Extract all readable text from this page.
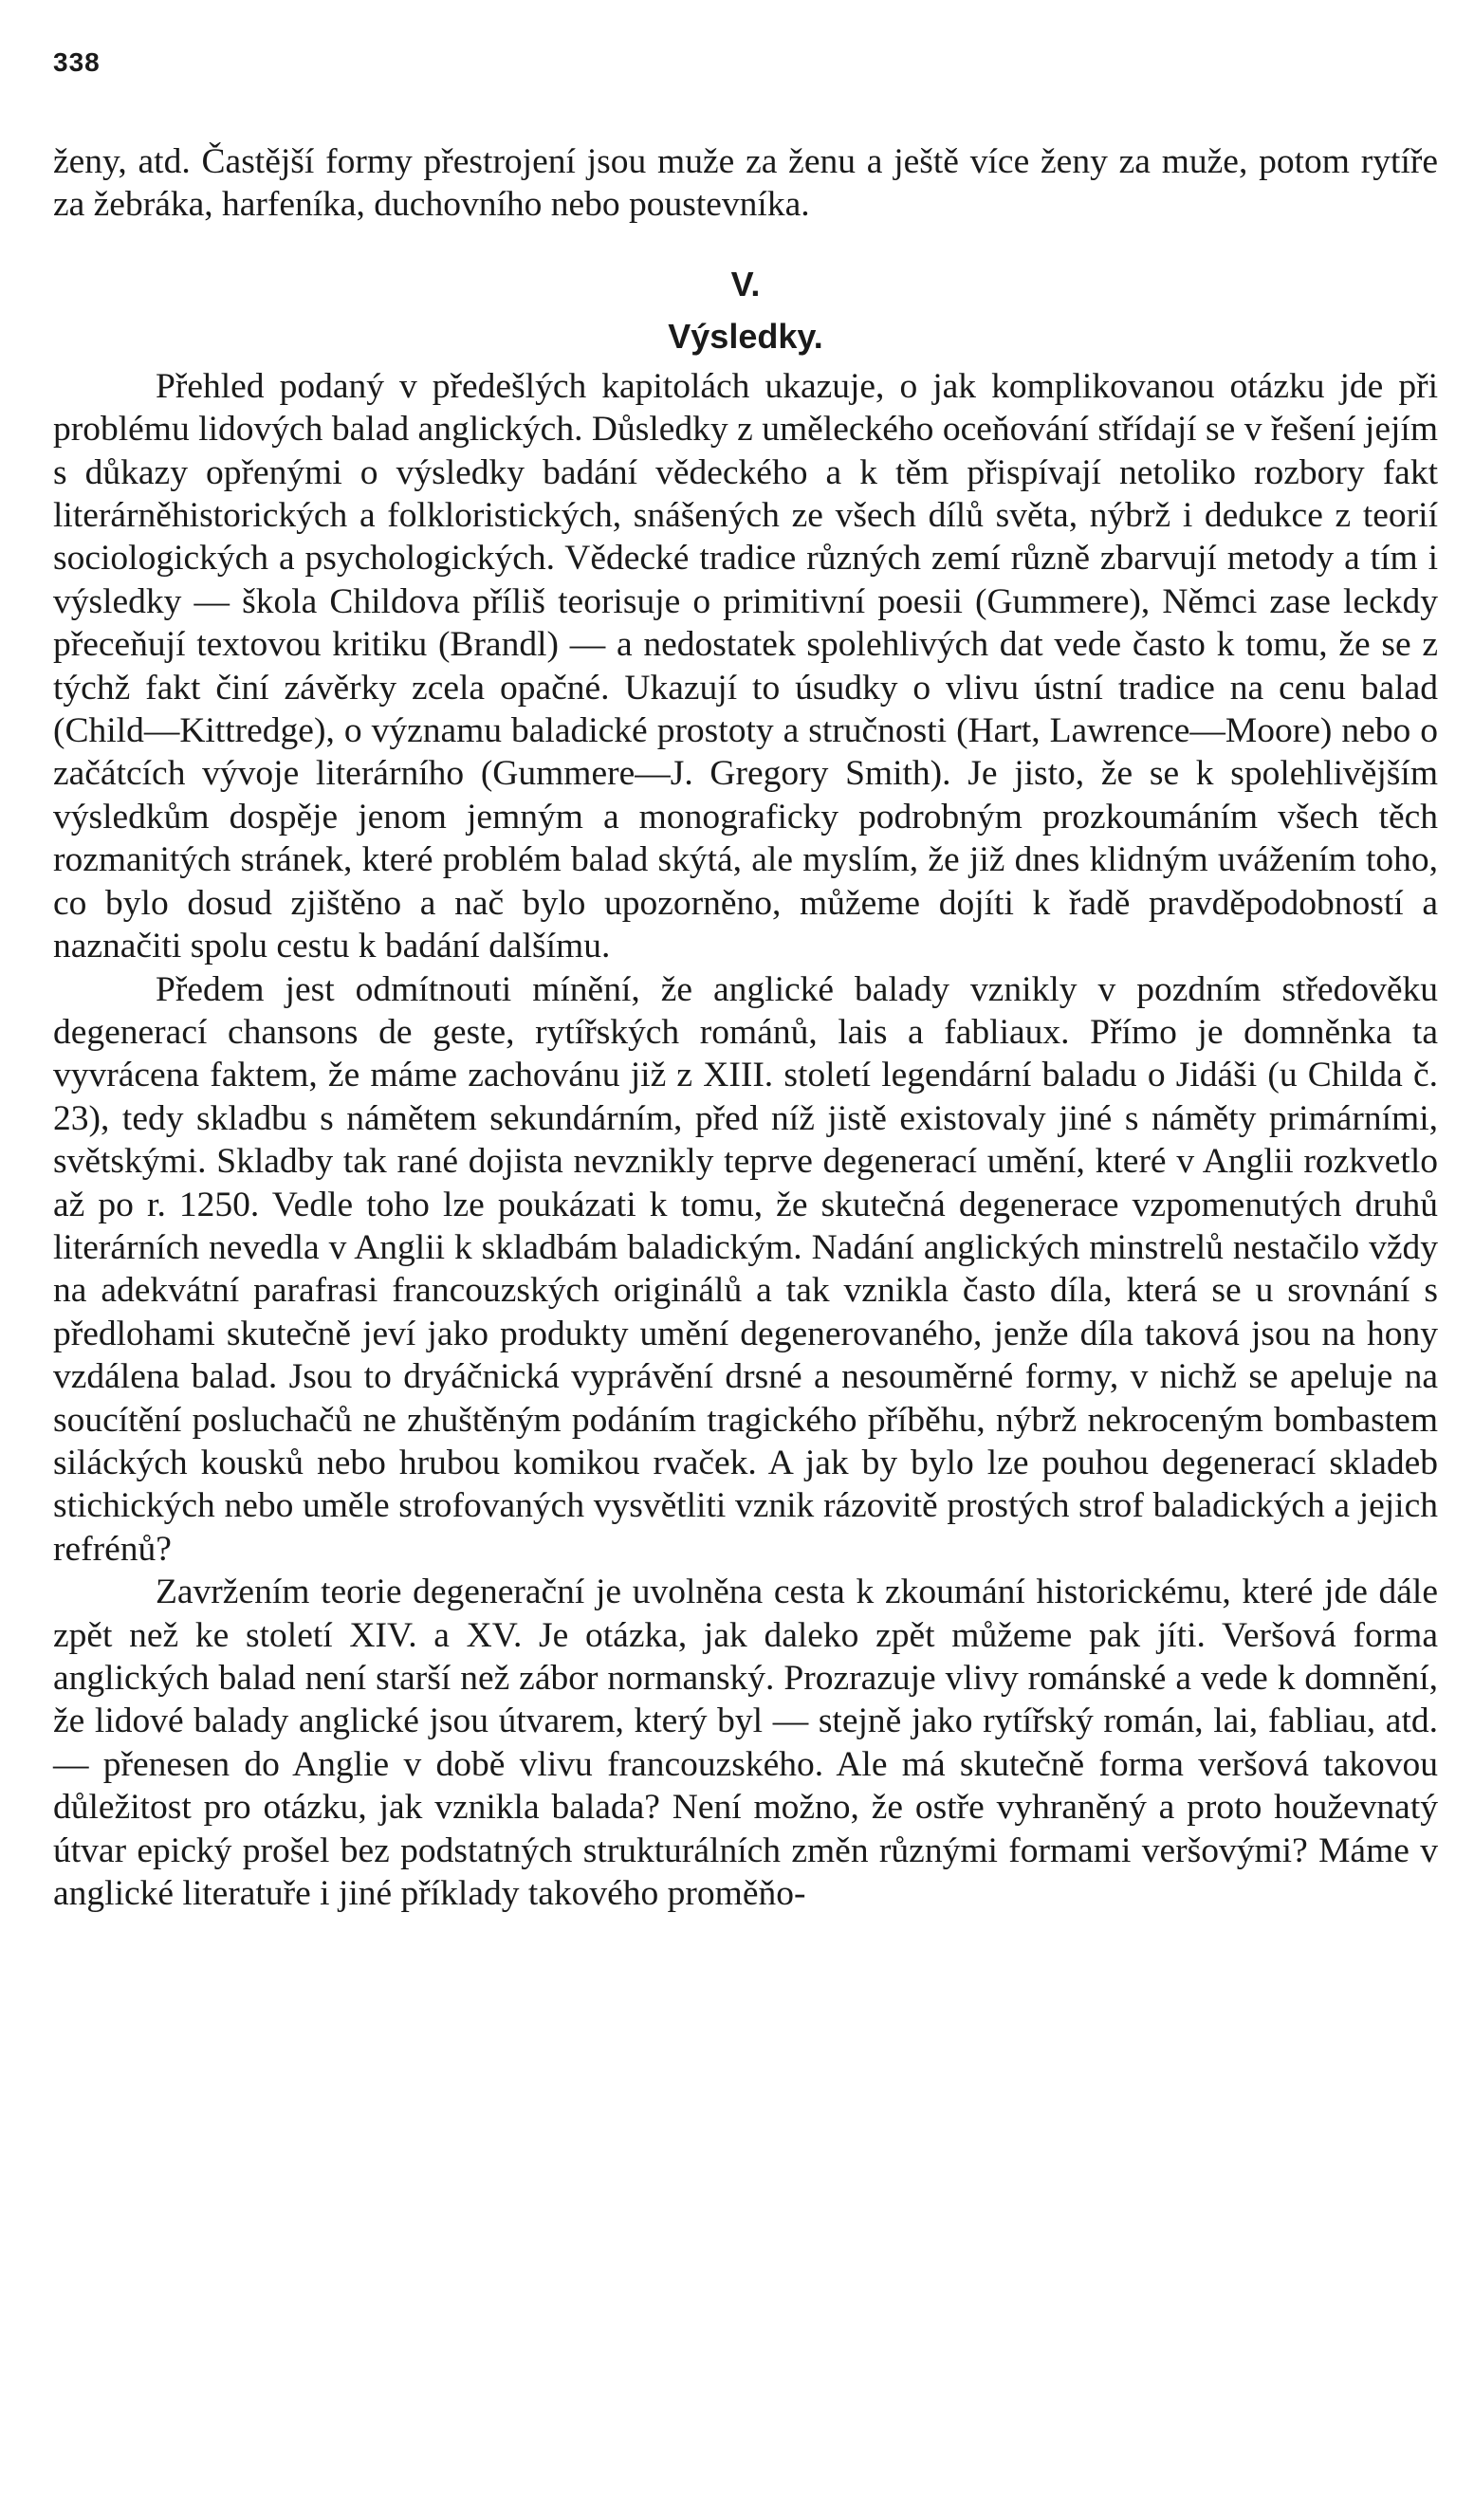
338

ženy, atd. Častější formy přestrojení jsou muže za ženu a ještě více ženy za muže, potom rytíře za žebráka, harfeníka, duchovního nebo poustevníka.

V.

Výsledky.

Přehled podaný v předešlých kapitolách ukazuje, o jak komplikovanou otázku jde při problému lidových balad anglických. Důsledky z uměleckého oceňování střídají se v řešení jejím s důkazy opřenými o výsledky badání vědeckého a k těm přispívají netoliko rozbory fakt literárněhistorických a folkloristických, snášených ze všech dílů světa, nýbrž i dedukce z teorií sociologických a psychologických. Vědecké tradice různých zemí různě zbarvují metody a tím i výsledky — škola Childova příliš teorisuje o primitivní poesii (Gummere), Němci zase leckdy přeceňují textovou kritiku (Brandl) — a nedostatek spolehlivých dat vede často k tomu, že se z týchž fakt činí závěrky zcela opačné. Ukazují to úsudky o vlivu ústní tradice na cenu balad (Child—Kittredge), o významu baladické prostoty a stručnosti (Hart, Lawrence—Moore) nebo o začátcích vývoje literárního (Gummere—J. Gregory Smith). Je jisto, že se k spolehlivějším výsledkům dospěje jenom jemným a monograficky podrobným prozkoumáním všech těch rozmanitých stránek, které problém balad skýtá, ale myslím, že již dnes klidným uvážením toho, co bylo dosud zjištěno a nač bylo upozorněno, můžeme dojíti k řadě pravděpodobností a naznačiti spolu cestu k badání dalšímu.

Předem jest odmítnouti mínění, že anglické balady vznikly v pozdním středověku degenerací chansons de geste, rytířských románů, lais a fabliaux. Přímo je domněnka ta vyvrácena faktem, že máme zachovánu již z XIII. století legendární baladu o Jidáši (u Childa č. 23), tedy skladbu s námětem sekundárním, před níž jistě existovaly jiné s náměty primárními, světskými. Skladby tak rané dojista nevznikly teprve degenerací umění, které v Anglii rozkvetlo až po r. 1250. Vedle toho lze poukázati k tomu, že skutečná degenerace vzpomenutých druhů literárních nevedla v Anglii k skladbám baladickým. Nadání anglických minstrelů nestačilo vždy na adekvátní parafrasi francouzských originálů a tak vznikla často díla, která se u srovnání s předlohami skutečně jeví jako produkty umění degenerovaného, jenže díla taková jsou na hony vzdálena balad. Jsou to dryáčnická vyprávění drsné a nesouměrné formy, v nichž se apeluje na soucítění posluchačů ne zhuštěným podáním tragického příběhu, nýbrž nekroceným bombastem siláckých kousků nebo hrubou komikou rvaček. A jak by bylo lze pouhou degenerací skladeb stichických nebo uměle strofovaných vysvětliti vznik rázovitě prostých strof baladických a jejich refrénů?

Zavržením teorie degenerační je uvolněna cesta k zkoumání historickému, které jde dále zpět než ke století XIV. a XV. Je otázka, jak daleko zpět můžeme pak jíti. Veršová forma anglických balad není starší než zábor normanský. Prozrazuje vlivy románské a vede k domnění, že lidové balady anglické jsou útvarem, který byl — stejně jako rytířský román, lai, fabliau, atd. — přenesen do Anglie v době vlivu francouzského. Ale má skutečně forma veršová takovou důležitost pro otázku, jak vznikla balada? Není možno, že ostře vyhraněný a proto houževnatý útvar epický prošel bez podstatných strukturálních změn různými formami veršovými? Máme v anglické literatuře i jiné příklady takového proměňo-
